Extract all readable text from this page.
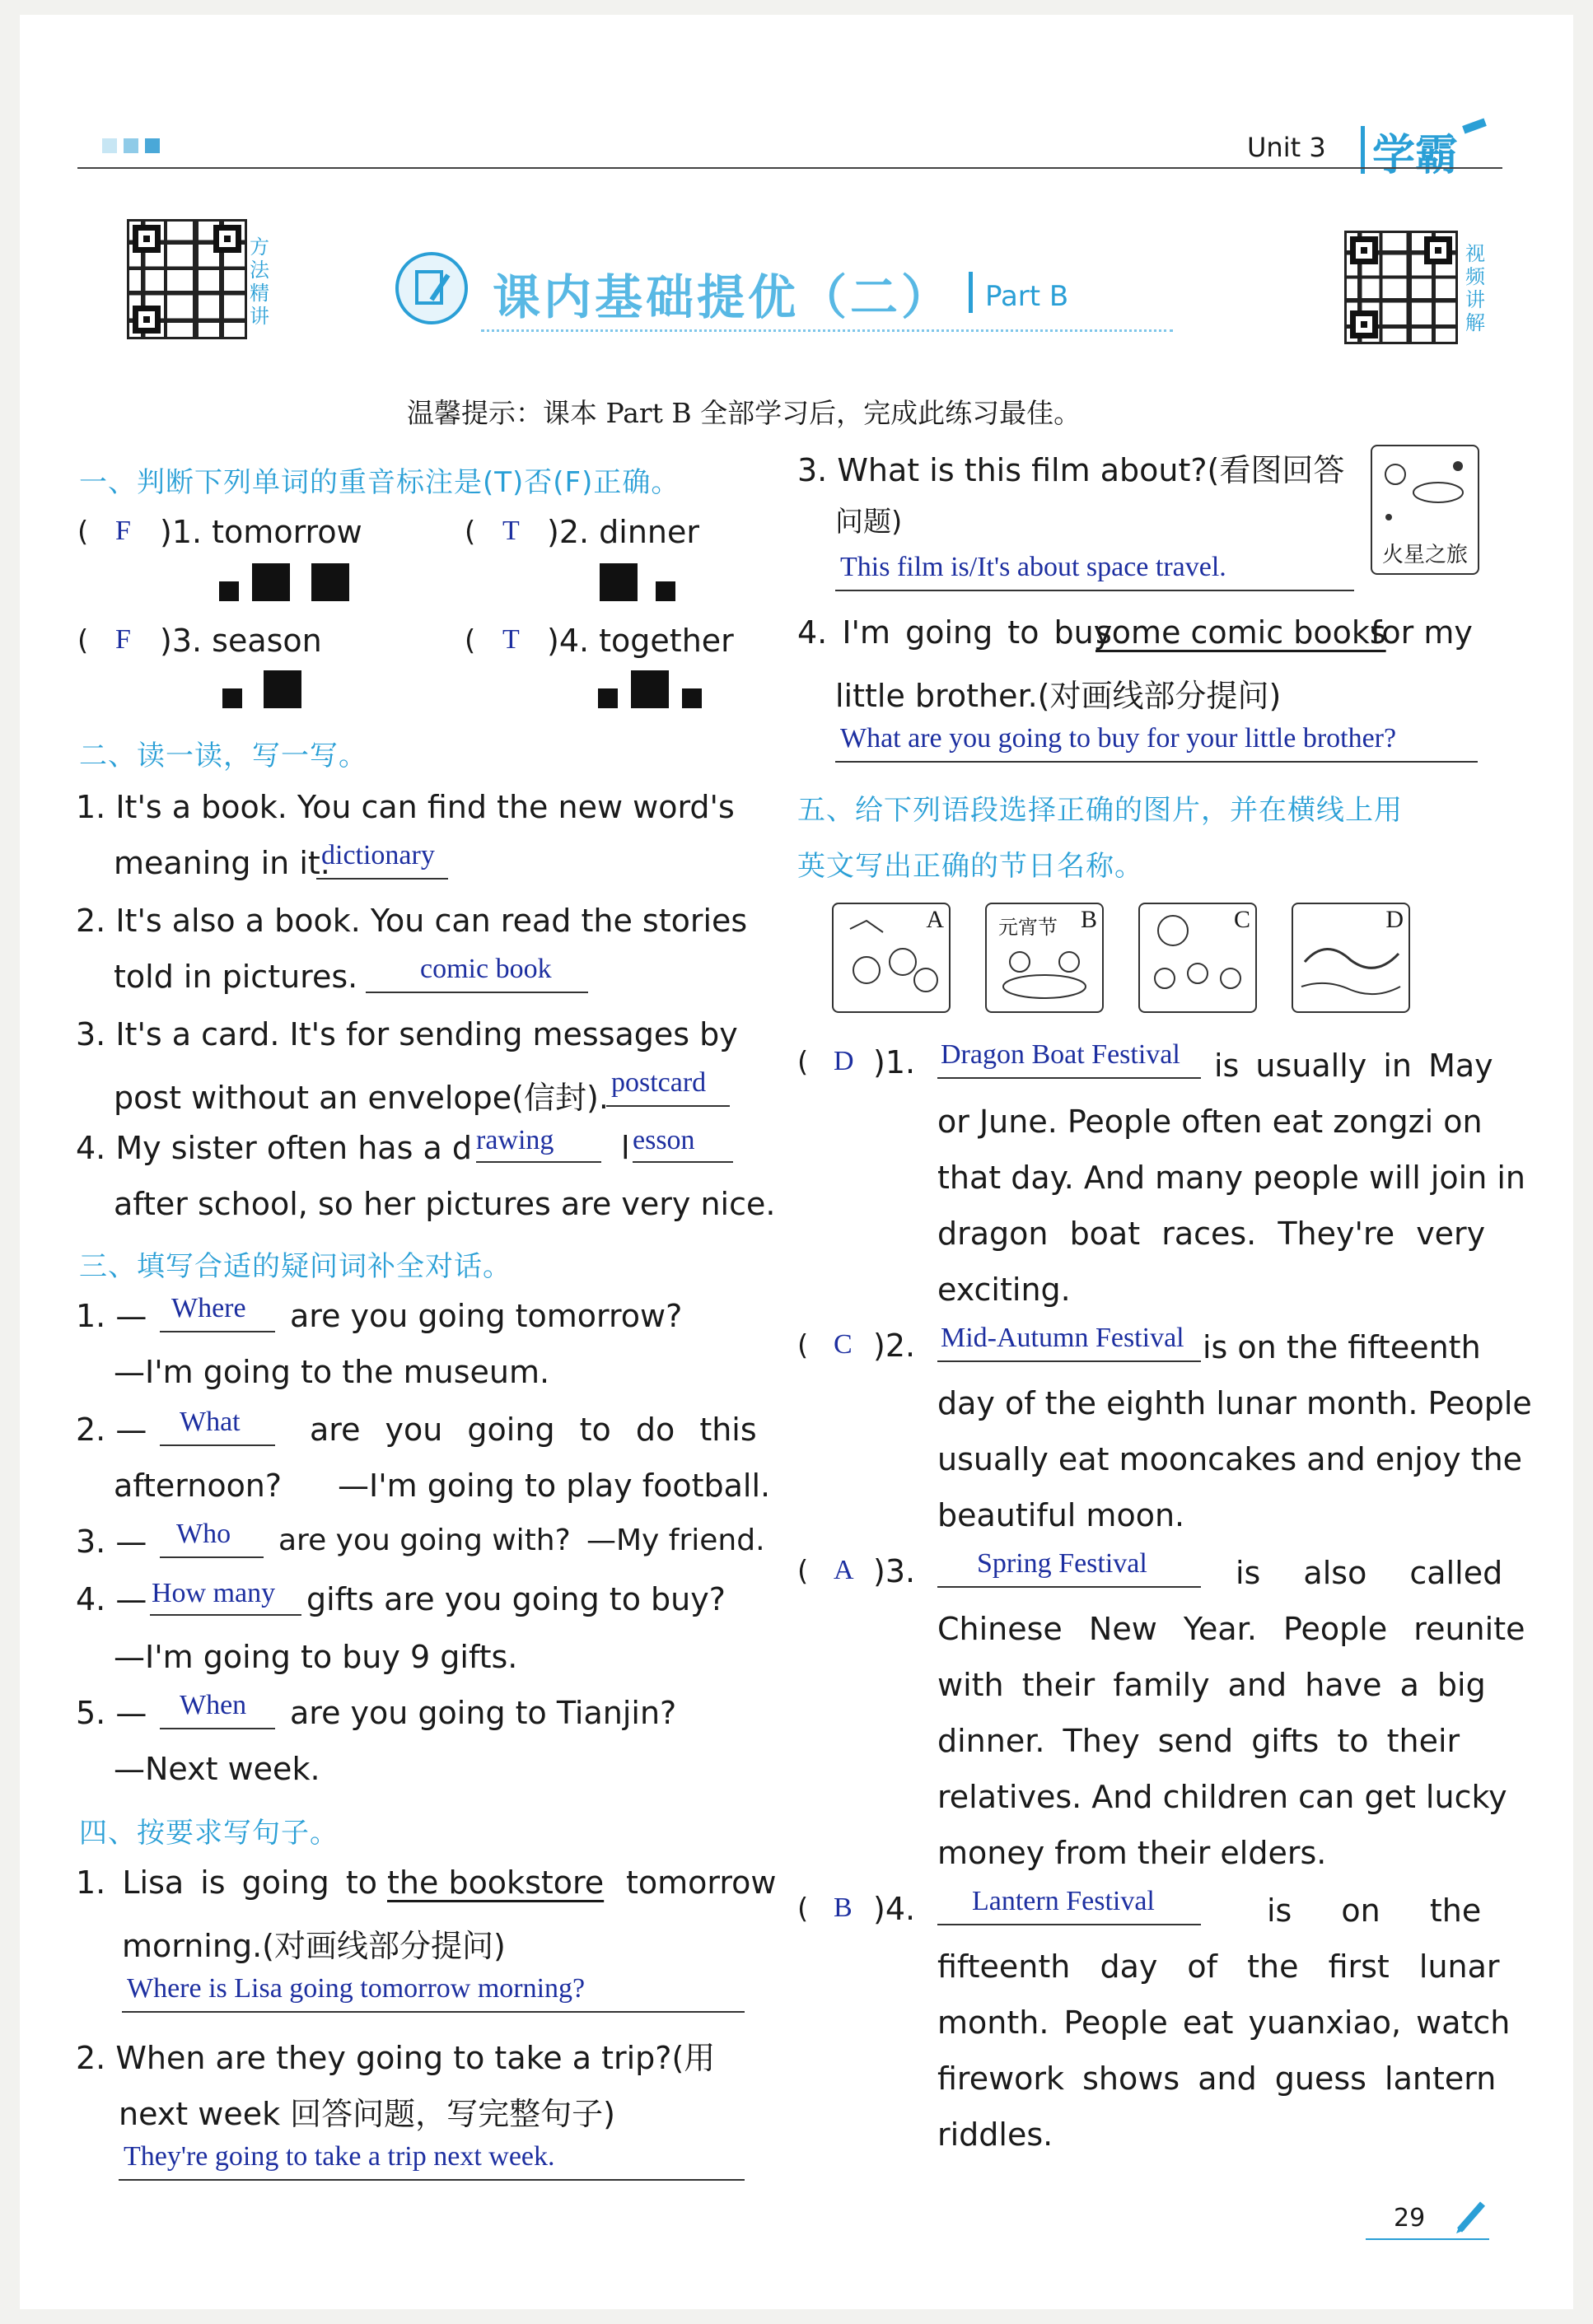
Unit 3 学霸
方法精讲
视频讲解
课内基础提优（二） Part B
温馨提示：课本 Part B 全部学习后，完成此练习最佳。
一、判断下列单词的重音标注是(T)否(F)正确。
( F )1. tomorrow	( T )2. dinner
( F )3. season	( T )4. together
二、读一读，写一写。
1. It's a book. You can find the new word's
meaning in it.
dictionary
2. It's also a book. You can read the stories
told in pictures. comic book
3. It's a card. It's for sending messages by
post without an envelope(信封). postcard
4. My sister often has a d rawing l esson
after school, so her pictures are very nice.
三、填写合适的疑问词补全对话。
1. — Where are you going tomorrow?
—I'm going to the museum.
2. — What are you going to do this
afternoon? —I'm going to play football.
3. — Who are you going with? —My friend.
4. — How many gifts are you going to buy?
—I'm going to buy 9 gifts.
5. — When are you going to Tianjin?
—Next week.
四、按要求写句子。
1. Lisa is going to the bookstore tomorrow
morning.(对画线部分提问)
Where is Lisa going tomorrow morning?
2. When are they going to take a trip?(用
next week 回答问题，写完整句子)
They're going to take a trip next week.
3. What is this film about?(看图回答
问题)
火星之旅
This film is/It's about space travel.
4. I'm going to buy
some comic books
for my
little brother.(对画线部分提问)
What are you going to buy for your little brother?
五、给下列语段选择正确的图片，并在横线上用
英文写出正确的节日名称。
A	元宵节 B	C	D
( D )1. Dragon Boat Festival is usually in May
or June. People often eat zongzi on
that day. And many people will join in
dragon boat races. They're very
exciting.
( C )2. Mid-Autumn Festival is on the fifteenth
day of the eighth lunar month. People
usually eat mooncakes and enjoy the
beautiful moon.
( A )3. Spring Festival	is also called
Chinese New Year. People reunite
with their family and have a big
dinner. They send gifts to their
relatives. And children can get lucky
money from their elders.
( B )4. Lantern Festival	is on the
fifteenth day of the first lunar
month. People eat yuanxiao, watch
firework shows and guess lantern
riddles.
29
